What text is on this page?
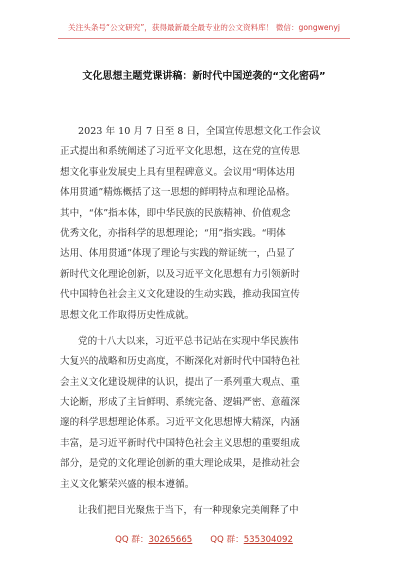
关注头条号“公文研究”，获得最新最全最专业的公文资料库！ 微信：gongwenyj
文化思想主题党课讲稿：新时代中国逆袭的“文化密码”
2023 年 10 月 7 日至 8 日，全国宣传思想文化工作会议
正式提出和系统阐述了习近平文化思想，这在党的宣传思
想文化事业发展史上具有里程碑意义。会议用“明体达用
体用贯通”精炼概括了这一思想的鲜明特点和理论品格。
其中，“体”指本体，即中华民族的民族精神、价值观念
优秀文化，亦指科学的思想理论；“用”指实践。“明体
达用、体用贯通”体现了理论与实践的辩证统一，凸显了
新时代文化理论创新，以及习近平文化思想有力引领新时
代中国特色社会主义文化建设的生动实践，推动我国宣传
思想文化工作取得历史性成就。
党的十八大以来，习近平总书记站在实现中华民族伟
大复兴的战略和历史高度，不断深化对新时代中国特色社
会主义文化建设规律的认识，提出了一系列重大观点、重
大论断，形成了主旨鲜明、系统完备、逻辑严密、意蕴深
邃的科学思想理论体系。习近平文化思想博大精深，内涵
丰富，是习近平新时代中国特色社会主义思想的重要组成
部分，是党的文化理论创新的重大理论成果，是推动社会
主义文化繁荣兴盛的根本遵循。
让我们把目光聚焦于当下，有一种现象完美阐释了中
QQ 群：30265665 QQ 群：535304092
